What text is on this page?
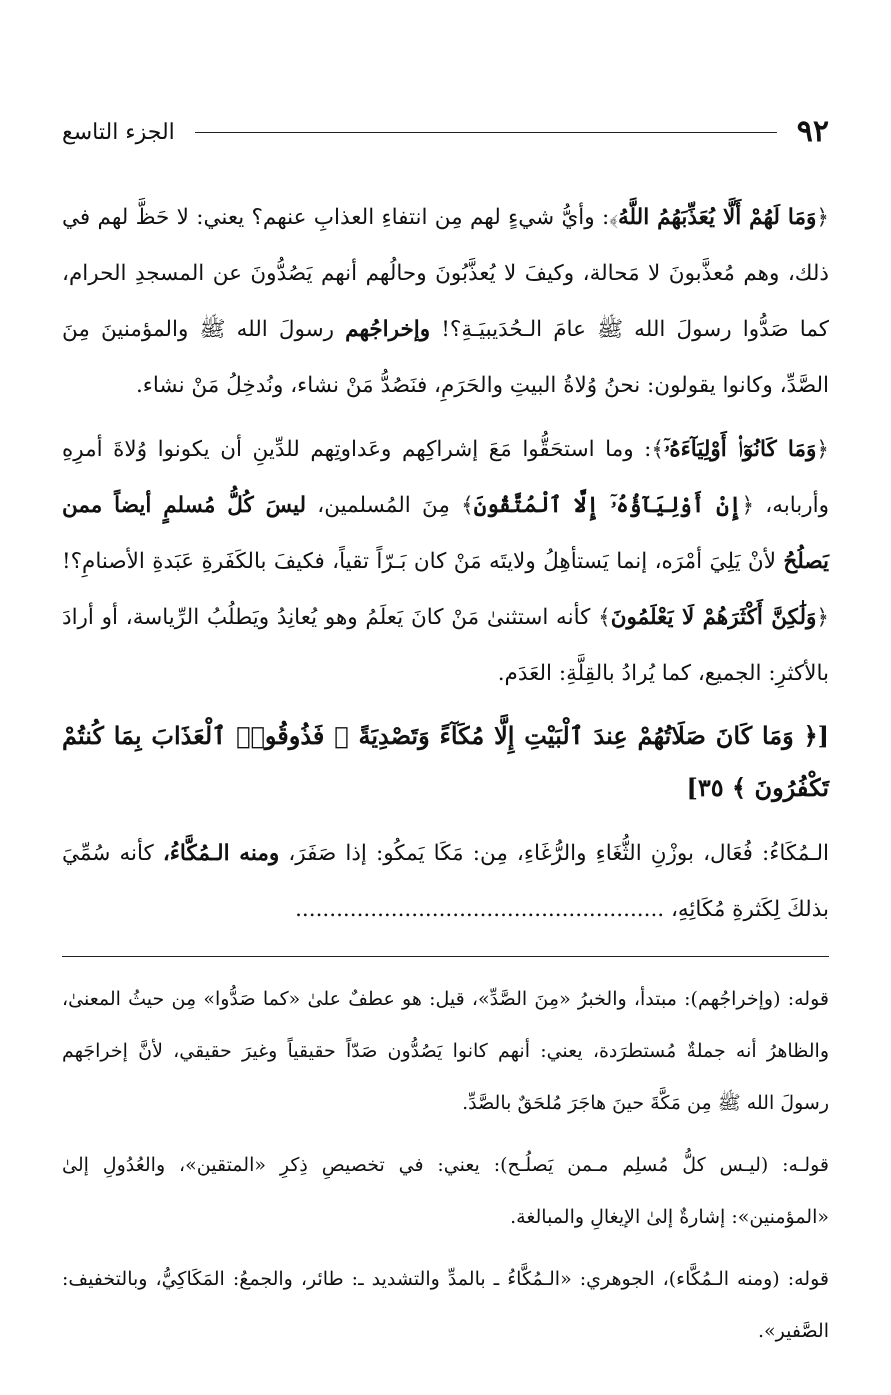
٩٢
الجزء التاسع

﴿وَمَا لَهُمْ أَلَّا يُعَذِّبَهُمُ اللَّهُ﴾: وأيُّ شيءٍ لهم مِن انتفاءِ العذابِ عنهم؟ يعني: لا حَظَّ لهم في ذلك، وهم مُعذَّبونَ لا مَحالة، وكيفَ لا يُعذَّبُونَ وحالُهم أنهم يَصُدُّونَ عن المسجدِ الحرام، كما صَدُّوا رسولَ الله ﷺ عامَ الـحُدَيبيَـةِ؟! وإخراجُهم رسولَ الله ﷺ والمؤمنينَ مِنَ الصَّدِّ، وكانوا يقولون: نحنُ وُلاةُ البيتِ والحَرَمِ، فنَصُدُّ مَنْ نشاء، ونُدخِلُ مَنْ نشاء.

﴿وَمَا كَانُوٓا۟ أَوْلِيَآءَهُۥٓ﴾: وما استحَقُّوا مَعَ إشراكِهم وعَداوتِهم للدِّينِ أن يكونوا وُلاةَ أمرِهِ وأربابه، ﴿إِنْ أَوْلِيَآؤُهُۥٓ إِلَّا ٱلْمُتَّقُونَ﴾ مِنَ المُسلمين، ليسَ كُلُّ مُسلمٍ أيضاً ممن يَصلُحُ لأنْ يَلِيَ أمْرَه، إنما يَستأهِلُ ولايتَه مَنْ كان بَـرّاً تقياً، فكيفَ بالكَفَرةِ عَبَدةِ الأصنامِ؟! ﴿وَلَٰكِنَّ أَكْثَرَهُمْ لَا يَعْلَمُونَ﴾ كأنه استثنىٰ مَنْ كانَ يَعلَمُ وهو يُعانِدُ ويَطلُبُ الرِّياسة، أو أرادَ بالأكثرِ: الجميع، كما يُرادُ بالقِلَّةِ: العَدَم.

[﴿ وَمَا كَانَ صَلَاتُهُمْ عِندَ ٱلْبَيْتِ إِلَّا مُكَآءً وَتَصْدِيَةً ۚ فَذُوقُوا۟ ٱلْعَذَابَ بِمَا كُنتُمْ تَكْفُرُونَ ﴾ ٣٥]

الـمُكَاءُ: فُعَال، بوزْنِ الثُّغَاءِ والرُّغَاءِ، مِن: مَكَا يَمكُو: إذا صَفَرَ، ومنه الـمُكَّاءُ، كأنه سُمِّيَ بذلكَ لِكَثرةِ مُكَائِهِ، ......................................................

قوله: (وإخراجُهم): مبتدأ، والخبرُ «مِنَ الصَّدِّ»، قيل: هو عطفٌ علىٰ «كما صَدُّوا» مِن حيثُ المعنىٰ، والظاهرُ أنه جملةٌ مُستطرَدة، يعني: أنهم كانوا يَصُدُّون صَدّاً حقيقياً وغيرَ حقيقي، لأنَّ إخراجَهم رسولَ الله ﷺ مِن مَكَّةَ حينَ هاجَرَ مُلحَقٌ بالصَّدِّ.

قولـه: (ليـس كلُّ مُسلِم مـمن يَصلُـح): يعني: في تخصيصِ ذِكرِ «المتقين»، والعُدُولِ إلىٰ «المؤمنين»: إشارةٌ إلىٰ الإيغالِ والمبالغة.

قوله: (ومنه الـمُكَّاء)، الجوهري: «الـمُكَّاءُ ـ بالمدِّ والتشديد ـ: طائر، والجمعُ: المَكَاكِيُّ، وبالتخفيف: الصَّفير».
